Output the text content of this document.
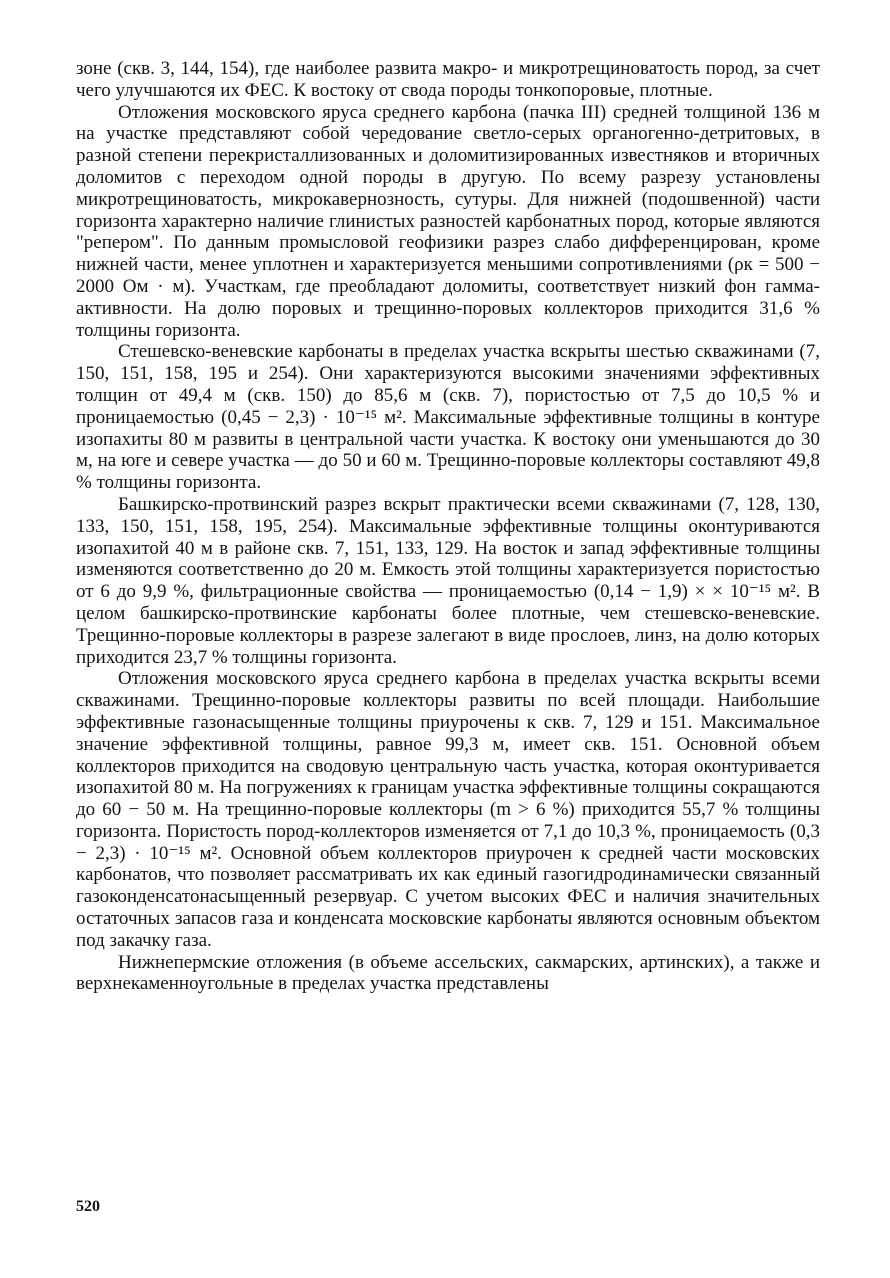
зоне (скв. 3, 144, 154), где наиболее развита макро- и микротрещиноватость пород, за счет чего улучшаются их ФЕС. К востоку от свода породы тонкопоровые, плотные.

Отложения московского яруса среднего карбона (пачка III) средней толщиной 136 м на участке представляют собой чередование светло-серых органогенно-детритовых, в разной степени перекристаллизованных и доломитизированных известняков и вторичных доломитов с переходом одной породы в другую. По всему разрезу установлены микротрещиноватость, микрокавернозность, сутуры. Для нижней (подошвенной) части горизонта характерно наличие глинистых разностей карбонатных пород, которые являются "репером". По данным промысловой геофизики разрез слабо дифференцирован, кроме нижней части, менее уплотнен и характеризуется меньшими сопротивлениями (ρк = 500 − 2000 Ом · м). Участкам, где преобладают доломиты, соответствует низкий фон гамма-активности. На долю поровых и трещинно-поровых коллекторов приходится 31,6 % толщины горизонта.

Стешевско-веневские карбонаты в пределах участка вскрыты шестью скважинами (7, 150, 151, 158, 195 и 254). Они характеризуются высокими значениями эффективных толщин от 49,4 м (скв. 150) до 85,6 м (скв. 7), пористостью от 7,5 до 10,5 % и проницаемостью (0,45 − 2,3) · 10⁻¹⁵ м². Максимальные эффективные толщины в контуре изопахиты 80 м развиты в центральной части участка. К востоку они уменьшаются до 30 м, на юге и севере участка — до 50 и 60 м. Трещинно-поровые коллекторы составляют 49,8 % толщины горизонта.

Башкирско-протвинский разрез вскрыт практически всеми скважинами (7, 128, 130, 133, 150, 151, 158, 195, 254). Максимальные эффективные толщины оконтуриваются изопахитой 40 м в районе скв. 7, 151, 133, 129. На восток и запад эффективные толщины изменяются соответственно до 20 м. Емкость этой толщины характеризуется пористостью от 6 до 9,9 %, фильтрационные свойства — проницаемостью (0,14 − 1,9) × × 10⁻¹⁵ м². В целом башкирско-протвинские карбонаты более плотные, чем стешевско-веневские. Трещинно-поровые коллекторы в разрезе залегают в виде прослоев, линз, на долю которых приходится 23,7 % толщины горизонта.

Отложения московского яруса среднего карбона в пределах участка вскрыты всеми скважинами. Трещинно-поровые коллекторы развиты по всей площади. Наибольшие эффективные газонасыщенные толщины приурочены к скв. 7, 129 и 151. Максимальное значение эффективной толщины, равное 99,3 м, имеет скв. 151. Основной объем коллекторов приходится на сводовую центральную часть участка, которая оконтуривается изопахитой 80 м. На погружениях к границам участка эффективные толщины сокращаются до 60 − 50 м. На трещинно-поровые коллекторы (m > 6 %) приходится 55,7 % толщины горизонта. Пористость пород-коллекторов изменяется от 7,1 до 10,3 %, проницаемость (0,3 − 2,3) · 10⁻¹⁵ м². Основной объем коллекторов приурочен к средней части московских карбонатов, что позволяет рассматривать их как единый газогидродинамически связанный газоконденсатонасыщенный резервуар. С учетом высоких ФЕС и наличия значительных остаточных запасов газа и конденсата московские карбонаты являются основным объектом под закачку газа.

Нижнепермские отложения (в объеме ассельских, сакмарских, артинских), а также и верхнекаменноугольные в пределах участка представлены

520
